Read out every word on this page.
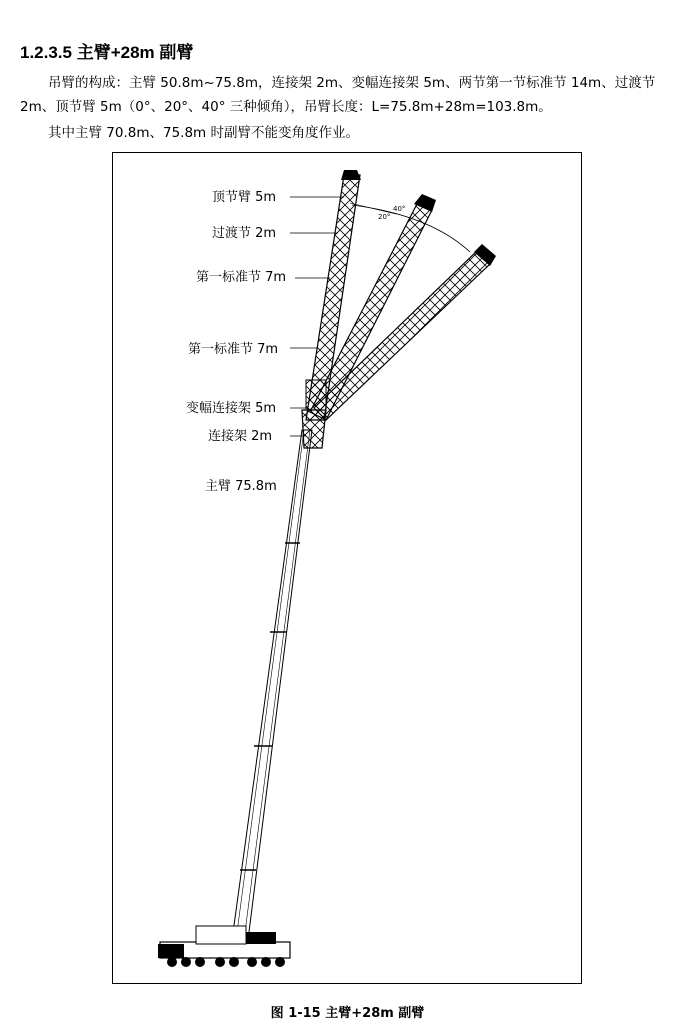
1.2.3.5 主臂+28m 副臂
吊臂的构成：主臂 50.8m~75.8m，连接架 2m、变幅连接架 5m、两节第一节标准节 14m、过渡节 2m、顶节臂 5m（0°、20°、40° 三种倾角），吊臂长度：L=75.8m+28m=103.8m。
其中主臂 70.8m、75.8m 时副臂不能变角度作业。
40°
20°
顶节臂 5m
过渡节 2m
第一标准节 7m
第一标准节 7m
变幅连接架 5m
连接架 2m
主臂 75.8m
图 1-15 主臂+28m 副臂
